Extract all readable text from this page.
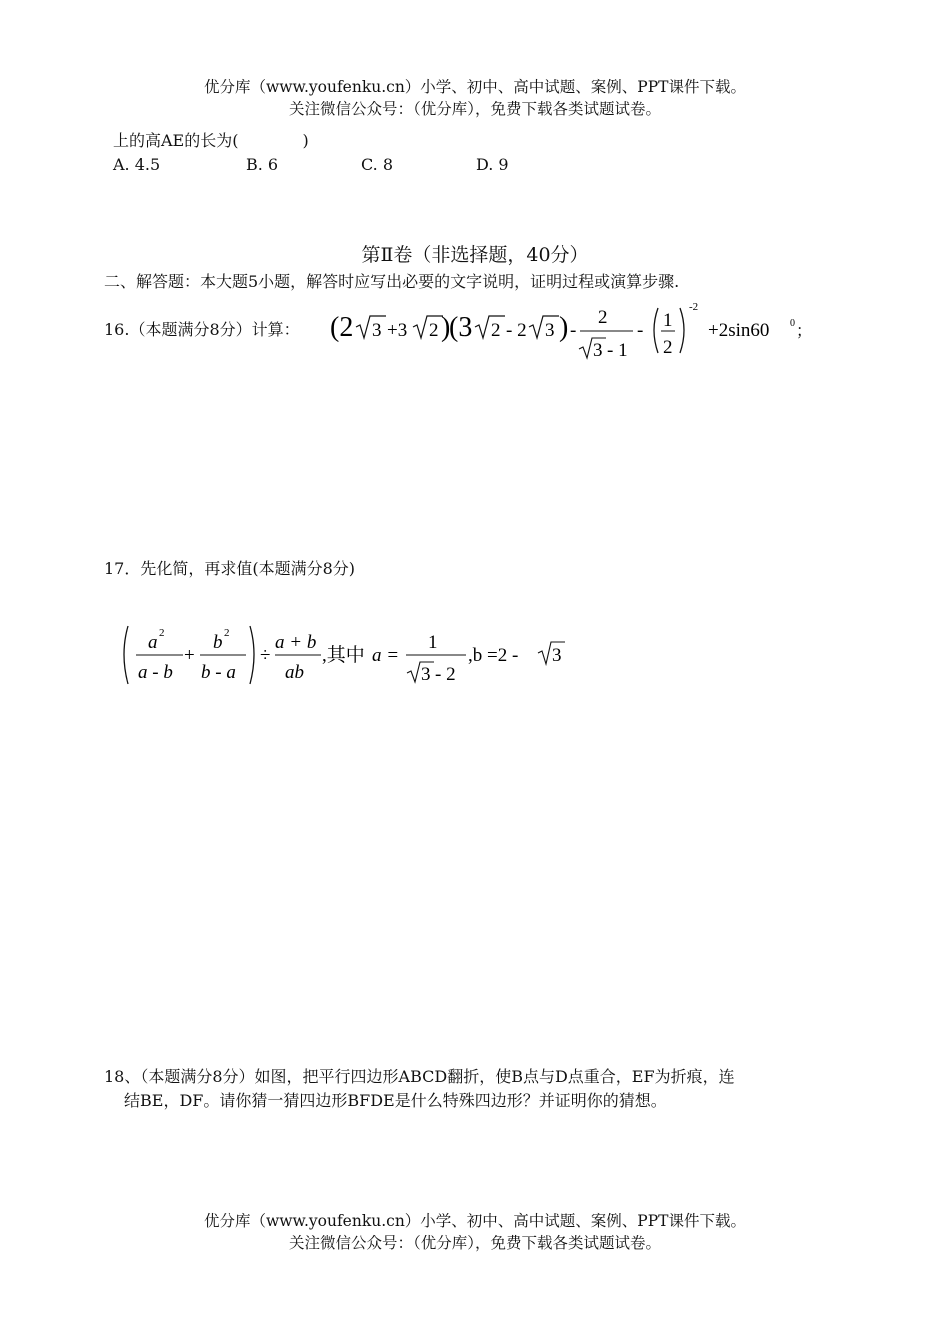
优分库（www.youfenku.cn）小学、初中、高中试题、案例、PPT课件下载。
关注微信公众号：（优分库），免费下载各类试题试卷。
上的高AE的长为(　　　　)
A. 4.5	B. 6	C. 8	D. 9
第Ⅱ卷（非选择题，40分）
二、解答题：本大题5小题，解答时应写出必要的文字说明，证明过程或演算步骤.
16.（本题满分8分）计算： (2 3 +3 2 )
(3 2 - 2 3 ) -
2
3 - 1
- 1
2
-2
+2sin60 0 ；
17．先化简，再求值(本题满分8分)
a 2
a - b
+
b 2
b - a
÷
a + b
ab
,其中 a =
1
3 - 2
,b =2 - 3
18、（本题满分8分）如图，把平行四边形ABCD翻折，使B点与D点重合，EF为折痕，连
结BE，DF。请你猜一猜四边形BFDE是什么特殊四边形？并证明你的猜想。
优分库（www.youfenku.cn）小学、初中、高中试题、案例、PPT课件下载。
关注微信公众号：（优分库），免费下载各类试题试卷。
